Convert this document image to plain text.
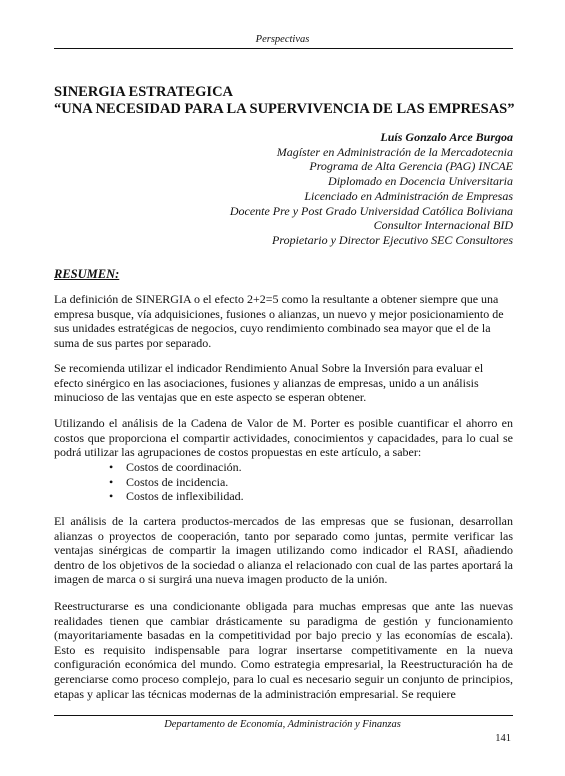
Perspectivas
SINERGIA ESTRATEGICA
“UNA NECESIDAD PARA LA SUPERVIVENCIA DE LAS EMPRESAS”
Luís Gonzalo Arce Burgoa
Magíster en Administración de la Mercadotecnia
Programa de Alta Gerencia (PAG) INCAE
Diplomado en Docencia Universitaria
Licenciado en Administración de Empresas
Docente Pre y Post Grado Universidad Católica Boliviana
Consultor Internacional BID
Propietario y Director Ejecutivo SEC Consultores
RESUMEN:
La definición de SINERGIA o el efecto 2+2=5 como la resultante a obtener siempre que una empresa busque, vía adquisiciones, fusiones o alianzas, un nuevo y mejor posicionamiento de sus unidades estratégicas de negocios, cuyo rendimiento combinado sea mayor que el de la suma de sus partes por separado.
Se recomienda utilizar el indicador Rendimiento Anual Sobre la Inversión para evaluar el efecto sinérgico en las asociaciones, fusiones y alianzas de empresas, unido a un análisis minucioso de las ventajas que en este aspecto se esperan obtener.
Utilizando el análisis de la Cadena de Valor de M. Porter es posible cuantificar el ahorro en costos que proporciona el compartir actividades, conocimientos y capacidades, para lo cual se podrá utilizar las agrupaciones de costos propuestas en este artículo, a saber:
• Costos de coordinación.
• Costos de incidencia.
• Costos de inflexibilidad.
El análisis de la cartera productos-mercados de las empresas que se fusionan, desarrollan alianzas o proyectos de cooperación, tanto por separado como juntas, permite verificar las ventajas sinérgicas de compartir la imagen utilizando como indicador el RASI, añadiendo dentro de los objetivos de la sociedad o alianza el relacionado con cual de las partes aportará la imagen de marca o si surgirá una nueva imagen producto de la unión.
Reestructurarse es una condicionante obligada para muchas empresas que ante las nuevas realidades tienen que cambiar drásticamente su paradigma de gestión y funcionamiento (mayoritariamente basadas en la competitividad por bajo precio y las economías de escala). Esto es requisito indispensable para lograr insertarse competitivamente en la nueva configuración económica del mundo. Como estrategia empresarial, la Reestructuración ha de gerenciarse como proceso complejo, para lo cual es necesario seguir un conjunto de principios, etapas y aplicar las técnicas modernas de la administración empresarial. Se requiere
Departamento de Economía, Administración y Finanzas
141
